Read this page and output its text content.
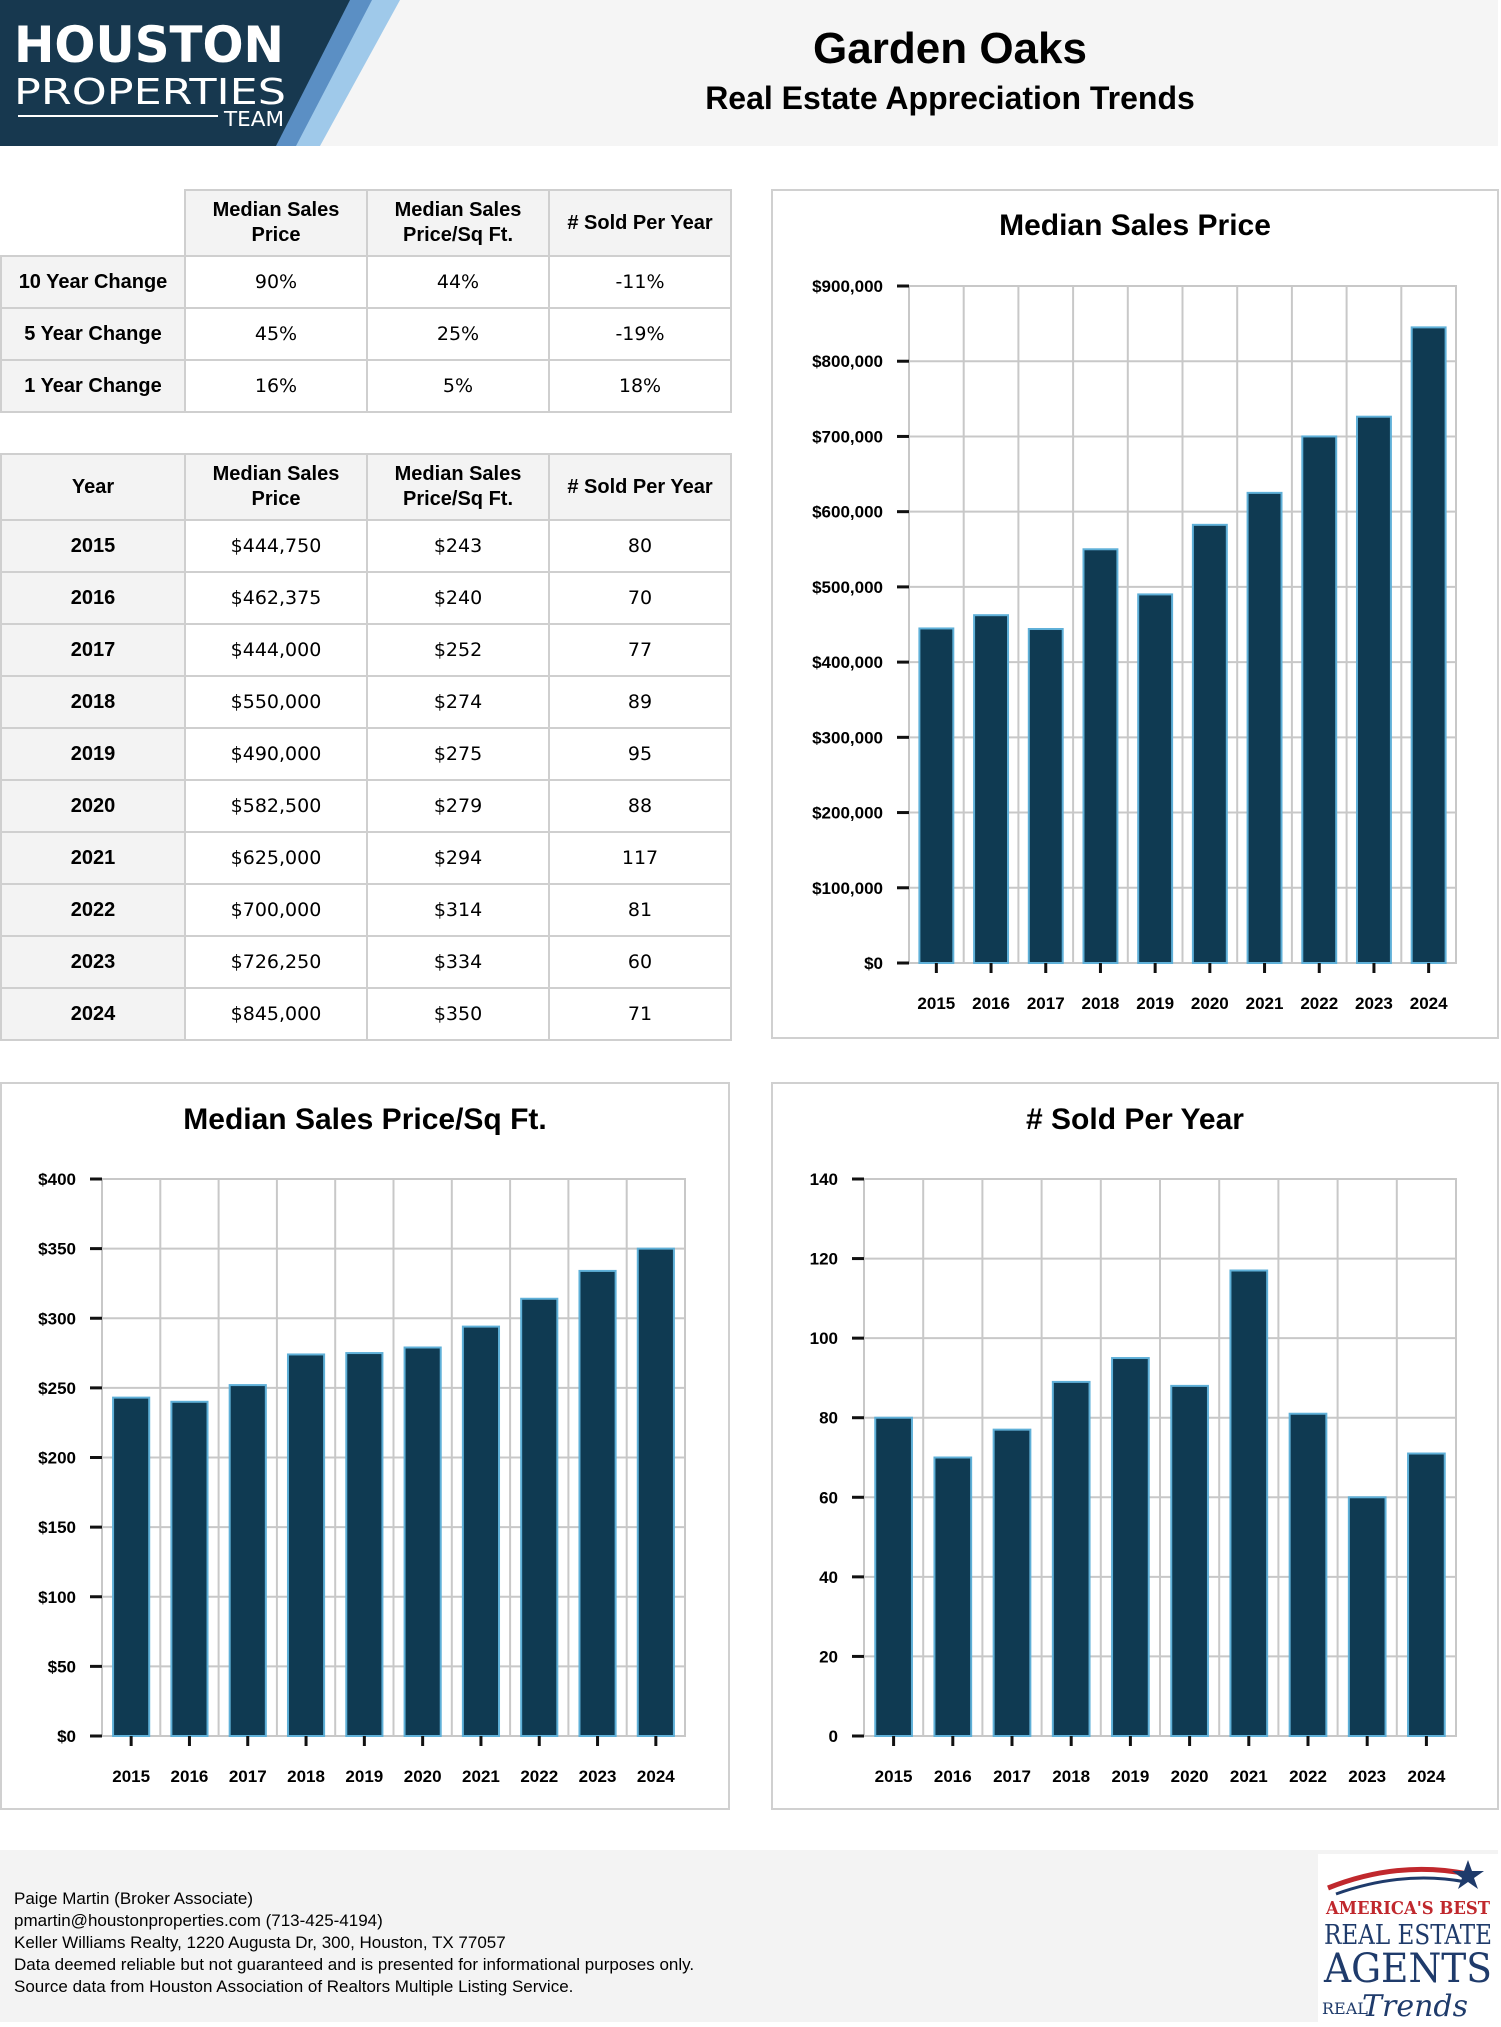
HOUSTON
PROPERTIES
TEAM
Garden Oaks
Real Estate Appreciation Trends
	Median Sales Price	Median Sales Price/Sq Ft.	# Sold Per Year
10 Year Change	90%	44%	-11%
5 Year Change	45%	25%	-19%
1 Year Change	16%	5%	18%
Year	Median Sales Price	Median Sales Price/Sq Ft.	# Sold Per Year
2015	$444,750	$243	80
2016	$462,375	$240	70
2017	$444,000	$252	77
2018	$550,000	$274	89
2019	$490,000	$275	95
2020	$582,500	$279	88
2021	$625,000	$294	117
2022	$700,000	$314	81
2023	$726,250	$334	60
2024	$845,000	$350	71
Median Sales Price
$0
$100,000
$200,000
$300,000
$400,000
$500,000
$600,000
$700,000
$800,000
$900,000
2015 2016 2017 2018 2019 2020 2021 2022 2023 2024
Median Sales Price/Sq Ft.
$0
$50
$100
$150
$200
$250
$300
$350
$400
2015 2016 2017 2018 2019 2020 2021 2022 2023 2024
# Sold Per Year
0
20
40
60
80
100
120
140
2015 2016 2017 2018 2019 2020 2021 2022 2023 2024
Paige Martin (Broker Associate)
pmartin@houstonproperties.com (713-425-4194)
Keller Williams Realty, 1220 Augusta Dr, 300, Houston, TX 77057
Data deemed reliable but not guaranteed and is presented for informational purposes only.
Source data from Houston Association of Realtors Multiple Listing Service.
AMERICA'S BEST
REAL ESTATE
AGENTS
REAL
Trends
